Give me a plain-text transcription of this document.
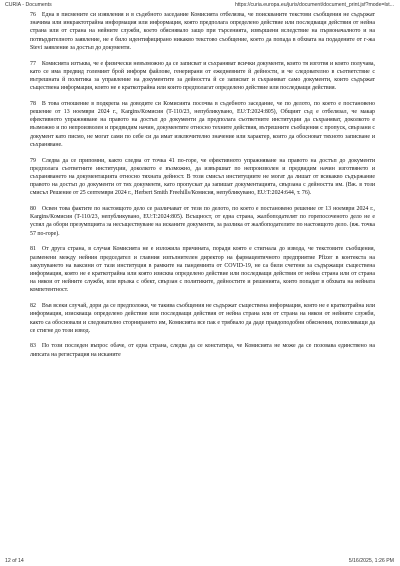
CURIA - Documents	https://curia.europa.eu/juris/document/document_print.jsf?mode=lst...

76 Една в писмените си изявления и в съдебното заседание Комисията отбелязва, че поискваните текстови съобщения не съдържат значима или инкрактотрайна информация или информация, която предполага определено действие или последващи действия от нейна страна или от страна на нейните служби, което обяснявало защо при търсенията, извършени вследствие на първоначалното и на потвърдителното заявление, не е било идентифицирано никакво текстово съобщение, което да попада в обхвата на подадените от г-жа Stevi заявление за достъп до документи.

77 Комисията изтъква, че е физически невъзможно да се записват и съхраняват всички документи, които тя изготвя и които получава, като се има предвид големият брой информ файлове, генерирани от ежедневните й дейности, и че следователно в съответствие с вътрешната й политика за управление на документите за дейността й се записват и съхраняват само документи, които съдържат съществена информация, които не е краткотрайна или които предполагат определено действие или последващи действия.

78 В това отношение в подкрепа на доводите си Комисията посочва в съдебното заседание, че по делото, по което е постановено решение от 13 ноември 2024 г., Kargins/Комисия (T-110/23, непубликувано, EU:T:2024:805), Общият съд е отбелязал, че макар ефективното упражняване на правото на достъп до документи да предполага съответните институции да съхраняват, доколкото е възможно и по непроизволен и предвидим начин, документите относно техните действия, вътрешните съобщения с пропуск, свързани с документ като писмо, не могат сами по себе си да имат изключително значение или характер, които да обосноват тяхното записване и съхраняване.

79 Следва да се припомни, както следва от точка 41 по-горе, че ефективното упражняване на правото на достъп до документи предполага съответните институции, доколкото е възможно, да извършват по непроизволен и предвидим начин изготвянето и съхраняването на документацията относно тяхната дейност. В този смисъл институциите не могат да лишат от всякакво съдържание правото на достъп до документи от тях документи, като пропускат да запишат документацията, свързана с дейността им. (Вж. в този смисъл Решение от 25 септември 2024 г., Herbert Smith Freehills/Комисия, непубликувано, EU:T:2024:644, т. 76).

80 Освен това фактите по настоящото дело се различават от тези по делото, по което е постановено решение от 13 ноември 2024 г., Kargins/Комисия (T-110/23, непубликувано, EU:T:2024:805). Всъщност, от една страна, жалбоподателят по горепосоченото дело не е успял да обори презумпцията за несъществуване на исканите документи, за разлика от жалбоподателите по настоящото дело. (вж. точка 57 по-горе).

81 От друга страна, в случая Комисията не е изложила причината, поради която е стигнала до извода, че текстовите съобщения, разменени между нейния председател и главния изпълнителен директор на фармацевтичното предприятие Pfizer в контекста на закупуването на ваксини от тази институция в рамките на пандемията от COVID-19, не са били счетени за съдържащи съществена информация, която не е краткотрайна или която изисква определено действие или последващи действия от нейна страна или от страна на някои от нейните служби, или връзка с обект, свързан с политиките, дейностите и решенията, които попадат в обхвата на нейната компетентност.

82 Във всеки случай, дори да се предположи, че такива съобщения не съдържат съществена информация, която не е краткотрайна или информация, изискваща определено действие или последващи действия от нейна страна или от страна на някои от нейните служби, както са обосновали и следователно сторнирането им, Комисията все пак е трябвало да даде правдоподобни обяснения, позволяващи да се стигне до този извод.

83 По този последен въпрос обаче, от една страна, следва да се констатира, че Комисията не може да се позовава единствено на липсата на регистрация на исканите

12 of 14	5/16/2025, 1:26 PM
